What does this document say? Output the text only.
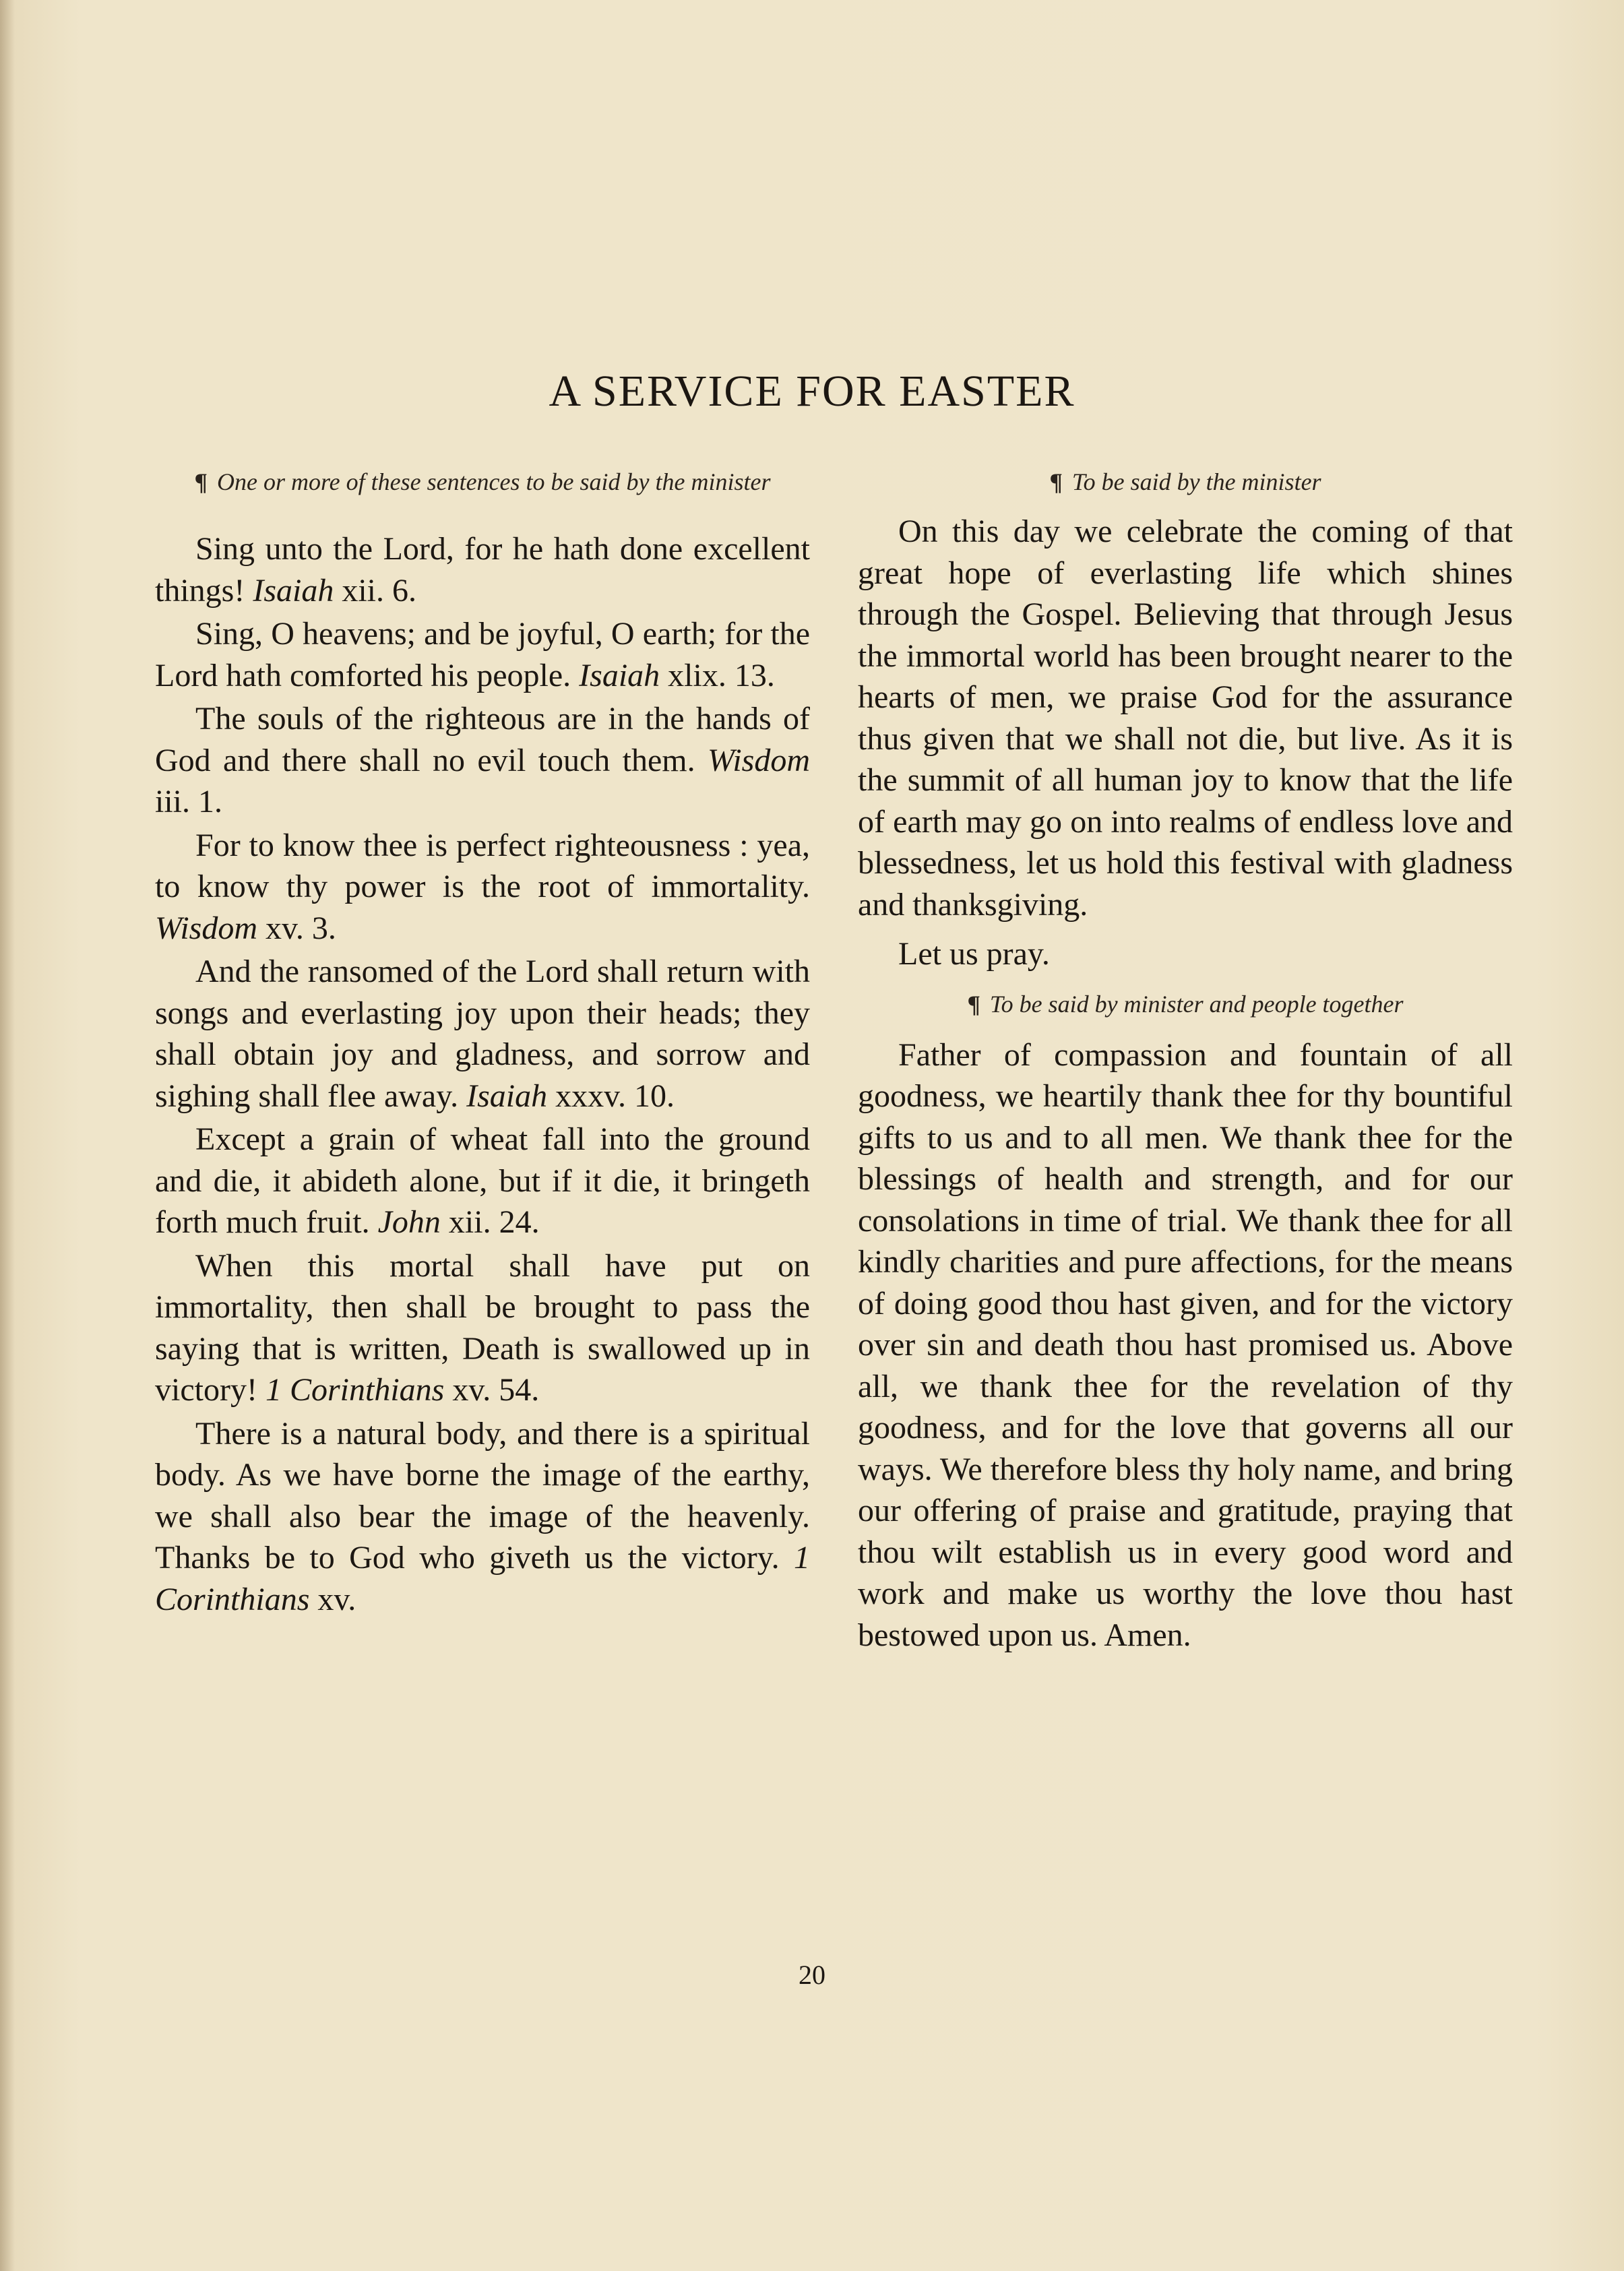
A SERVICE FOR EASTER
¶ One or more of these sentences to be said by the minister

Sing unto the Lord, for he hath done excellent things! Isaiah xii. 6.

Sing, O heavens; and be joyful, O earth; for the Lord hath comforted his people. Isaiah xlix. 13.

The souls of the righteous are in the hands of God and there shall no evil touch them. Wisdom iii. 1.

For to know thee is perfect righteousness : yea, to know thy power is the root of immortality. Wisdom xv. 3.

And the ransomed of the Lord shall return with songs and everlasting joy upon their heads; they shall obtain joy and gladness, and sorrow and sighing shall flee away. Isaiah xxxv. 10.

Except a grain of wheat fall into the ground and die, it abideth alone, but if it die, it bringeth forth much fruit. John xii. 24.

When this mortal shall have put on immortality, then shall be brought to pass the saying that is written, Death is swallowed up in victory! 1 Corinthians xv. 54.

There is a natural body, and there is a spiritual body. As we have borne the image of the earthy, we shall also bear the image of the heavenly. Thanks be to God who giveth us the victory. 1 Corinthians xv.

¶ To be said by the minister

On this day we celebrate the coming of that great hope of everlasting life which shines through the Gospel. Believing that through Jesus the immortal world has been brought nearer to the hearts of men, we praise God for the assurance thus given that we shall not die, but live. As it is the summit of all human joy to know that the life of earth may go on into realms of endless love and blessedness, let us hold this festival with gladness and thanksgiving.

Let us pray.

¶ To be said by minister and people together

Father of compassion and fountain of all goodness, we heartily thank thee for thy bountiful gifts to us and to all men. We thank thee for the blessings of health and strength, and for our consolations in time of trial. We thank thee for all kindly charities and pure affections, for the means of doing good thou hast given, and for the victory over sin and death thou hast promised us. Above all, we thank thee for the revelation of thy goodness, and for the love that governs all our ways. We therefore bless thy holy name, and bring our offering of praise and gratitude, praying that thou wilt establish us in every good word and work and make us worthy the love thou hast bestowed upon us. Amen.

20
